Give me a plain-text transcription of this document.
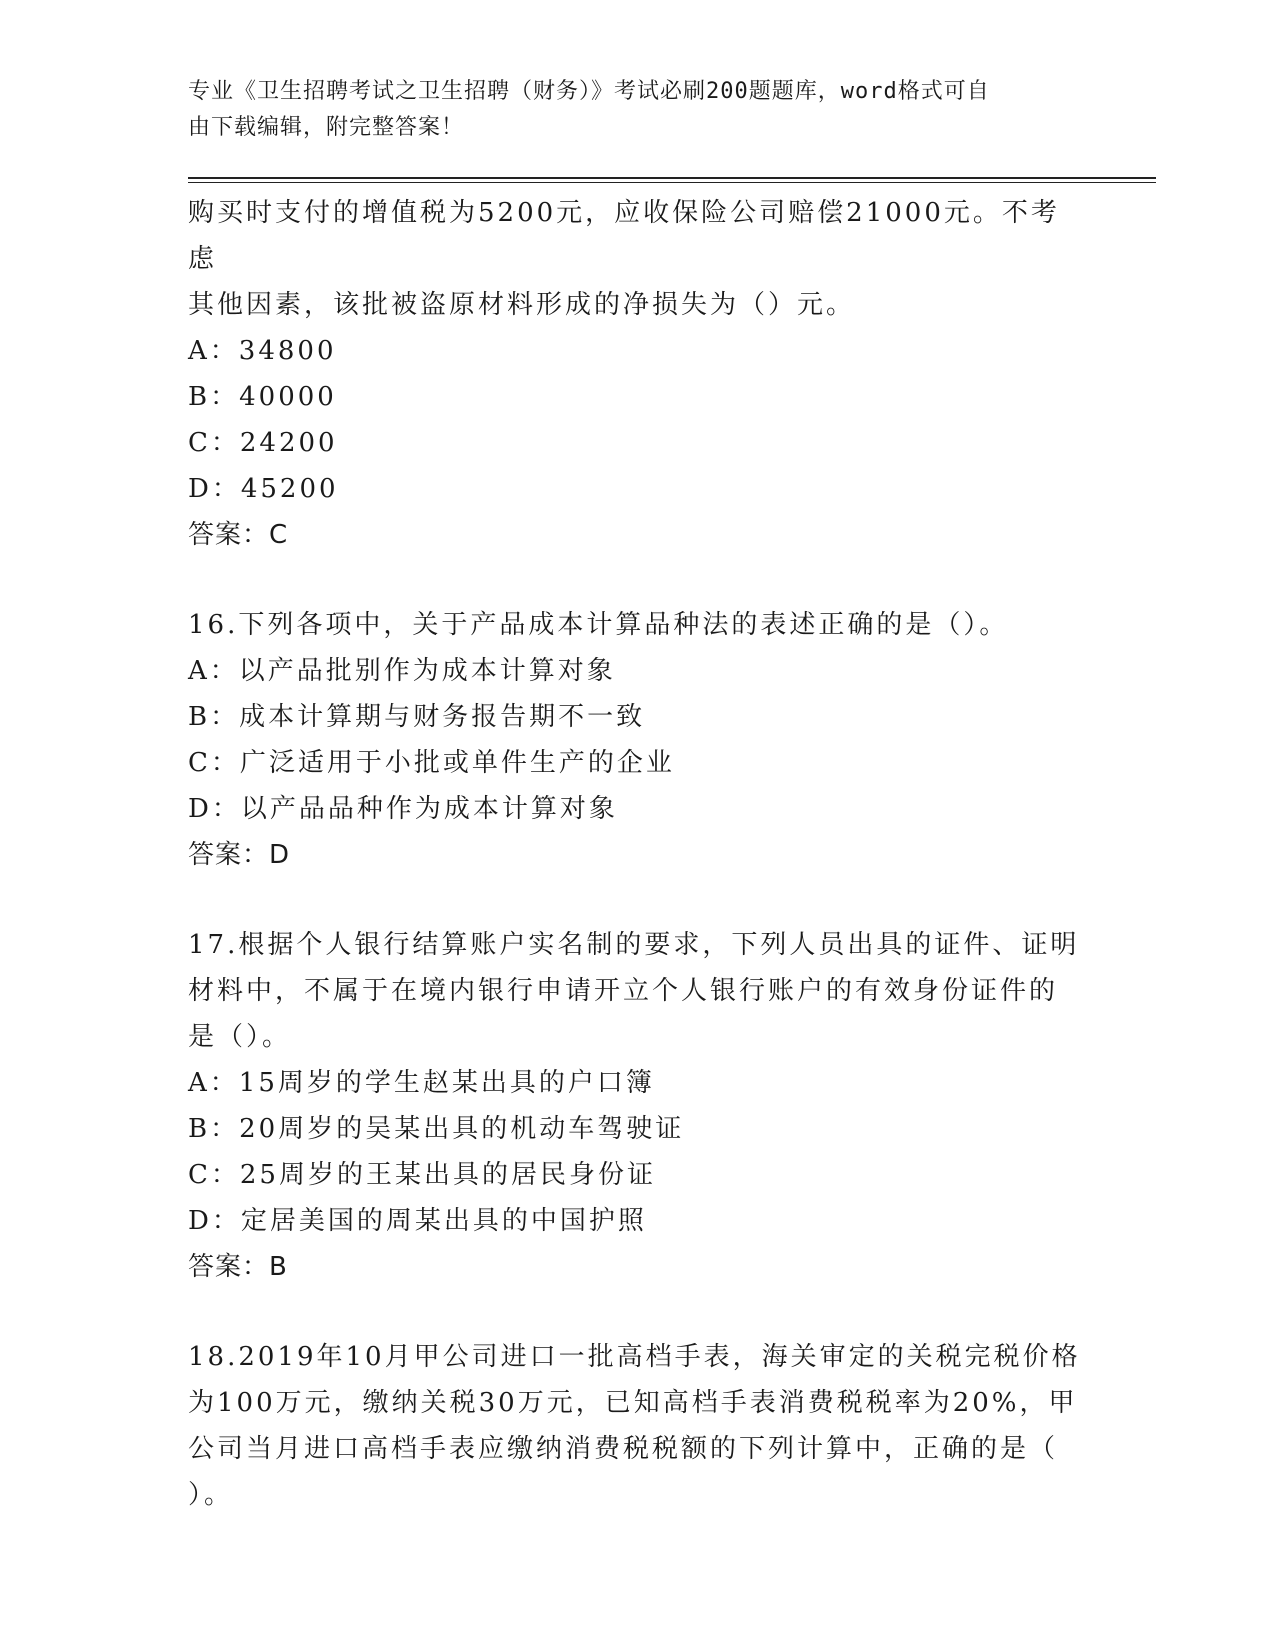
专业《卫生招聘考试之卫生招聘（财务）》考试必刷200题题库，word格式可自
由下载编辑，附完整答案！

购买时支付的增值税为5200元，应收保险公司赔偿21000元。不考虑

其他因素，该批被盗原材料形成的净损失为（）元。

A：34800

B：40000

C：24200

D：45200

答案：C

16.下列各项中，关于产品成本计算品种法的表述正确的是（）。

A：以产品批别作为成本计算对象

B：成本计算期与财务报告期不一致

C：广泛适用于小批或单件生产的企业

D：以产品品种作为成本计算对象

答案：D

17.根据个人银行结算账户实名制的要求，下列人员出具的证件、证明

材料中，不属于在境内银行申请开立个人银行账户的有效身份证件的

是（）。

A：15周岁的学生赵某出具的户口簿

B：20周岁的吴某出具的机动车驾驶证

C：25周岁的王某出具的居民身份证

D：定居美国的周某出具的中国护照

答案：B

18.2019年10月甲公司进口一批高档手表，海关审定的关税完税价格

为100万元，缴纳关税30万元，已知高档手表消费税税率为20%，甲

公司当月进口高档手表应缴纳消费税税额的下列计算中，正确的是（

）。
